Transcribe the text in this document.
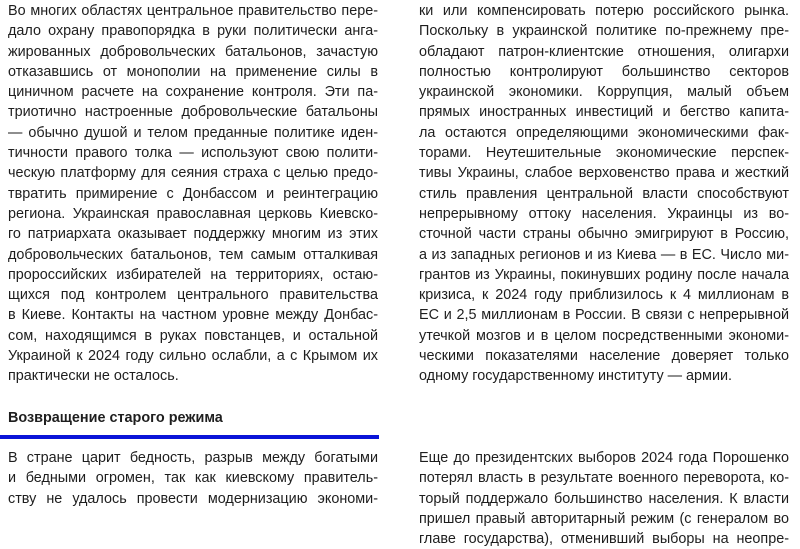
Во многих областях центральное правительство пере-
дало охрану правопорядка в руки политически анга-
жированных добровольческих батальонов, зачастую
отказавшись от монополии на применение силы в
циничном расчете на сохранение контроля. Эти па-
триотично настроенные добровольческие батальоны
— обычно душой и телом преданные политике иден-
тичности правого толка — используют свою полити-
ческую платформу для сеяния страха с целью предо-
твратить примирение с Донбассом и реинтеграцию
региона. Украинская православная церковь Киевско-
го патриархата оказывает поддержку многим из этих
добровольческих батальонов, тем самым отталкивая
пророссийских избирателей на территориях, остаю-
щихся под контролем центрального правительства
в Киеве. Контакты на частном уровне между Донбас-
сом, находящимся в руках повстанцев, и остальной
Украиной к 2024 году сильно ослабли, а с Крымом их
практически не осталось.
Возвращение старого режима
В стране царит бедность, разрыв между богатыми
и бедными огромен, так как киевскому правитель-
ству не удалось провести модернизацию экономи-
ки или компенсировать потерю российского рынка.
Поскольку в украинской политике по-прежнему пре-
обладают патрон-клиентские отношения, олигархи
полностью контролируют большинство секторов
украинской экономики. Коррупция, малый объем
прямых иностранных инвестиций и бегство капита-
ла остаются определяющими экономическими фак-
торами. Неутешительные экономические перспек-
тивы Украины, слабое верховенство права и жесткий
стиль правления центральной власти способствуют
непрерывному оттоку населения. Украинцы из во-
сточной части страны обычно эмигрируют в Россию,
а из западных регионов и из Киева — в ЕС. Число ми-
грантов из Украины, покинувших родину после начала
кризиса, к 2024 году приблизилось к 4 миллионам в
ЕС и 2,5 миллионам в России. В связи с непрерывной
утечкой мозгов и в целом посредственными экономи-
ческими показателями население доверяет только
одному государственному институту — армии.
Еще до президентских выборов 2024 года Порошенко
потерял власть в результате военного переворота, ко-
торый поддержало большинство населения. К власти
пришел правый авторитарный режим (с генералом во
главе государства), отменивший выборы на неопре-
